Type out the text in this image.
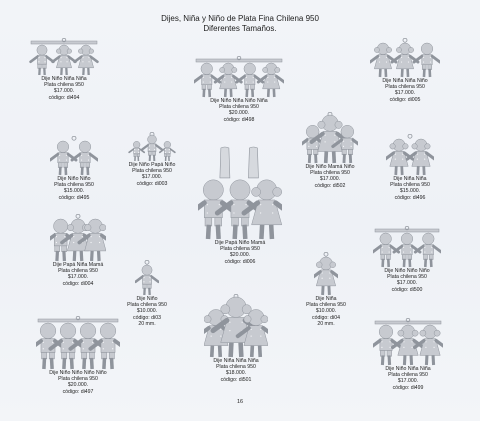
Dijes, Niña y Niño de Plata Fina Chilena 950
Diferentes Tamaños.
Dije Niño Niña Niña
Plata chilena 950
$17.000.
código: di494
Dije Niño Niña Niño Niña
Plata chilena 950
$20.000.
código: di498
Dije Niña Niña Niño
Plata chilena 950
$17.000.
código: di005
Dije Niño Niño
Plata chilena 950
$15.000.
código: di495
Dije Niño Papá Niño
Plata chilena 950
$17.000.
código: di003
Dije Papá Niño Mamá
Plata chilena 950
$20.000.
código: di006
Dije Niño Mamá Niño
Plata chilena 950
$17.000.
código: di502
Dije Niña Niña
Plata chilena 950
$15.000.
código: di496
Dije Papá Niña Mamá
Plata chilena 950
$17.000.
código: di004
Dije Niño
Plata chilena 950
$10.000.
código: di03
20 mm.
Dije Niña
Plata chilena 950
$10.000.
código: di04
20 mm.
Dije Niño Niño Niño
Plata chilena 950
$17.000.
código: di500
Dije Niño Niño Niño Niño
Plata chilena 950
$20.000.
código: di497
Dije Niña Niña Niña
Plata chilena 950
$18.000.
código: di501
Dije Niño Niña Niña
Plata chilena 950
$17.000.
código: di499
16
